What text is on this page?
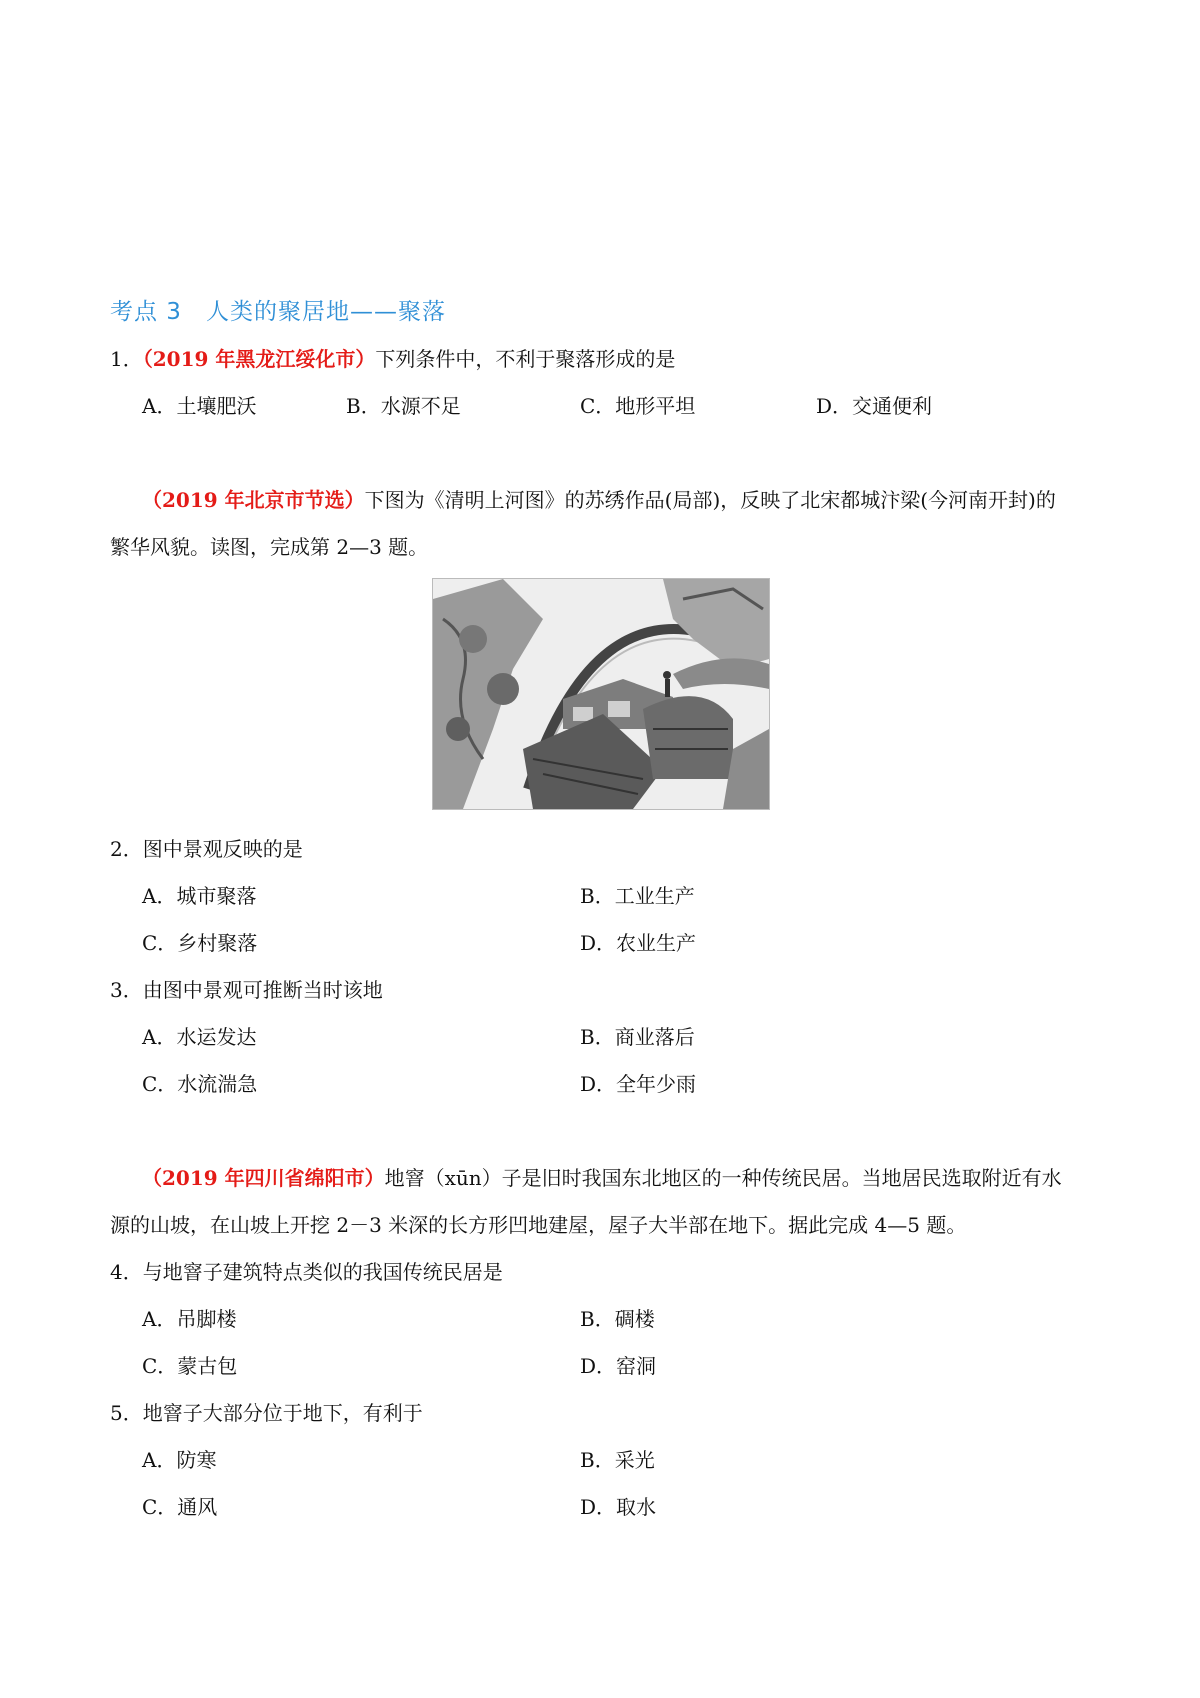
考点 3　人类的聚居地——聚落
1．（2019 年黑龙江绥化市）下列条件中，不利于聚落形成的是
A．土壤肥沃	B．水源不足	C．地形平坦	D．交通便利
（2019 年北京市节选）下图为《清明上河图》的苏绣作品(局部)，反映了北宋都城汴梁(今河南开封)的
繁华风貌。读图，完成第 2—3 题。
2．图中景观反映的是
A．城市聚落	B．工业生产
C．乡村聚落	D．农业生产
3．由图中景观可推断当时该地
A．水运发达	B．商业落后
C．水流湍急	D．全年少雨
（2019 年四川省绵阳市）地窨（xūn）子是旧时我国东北地区的一种传统民居。当地居民选取附近有水
源的山坡，在山坡上开挖 2－3 米深的长方形凹地建屋，屋子大半部在地下。据此完成 4—5 题。
4．与地窨子建筑特点类似的我国传统民居是
A．吊脚楼	B．碉楼
C．蒙古包	D．窑洞
5．地窨子大部分位于地下，有利于
A．防寒	B．采光
C．通风	D．取水
